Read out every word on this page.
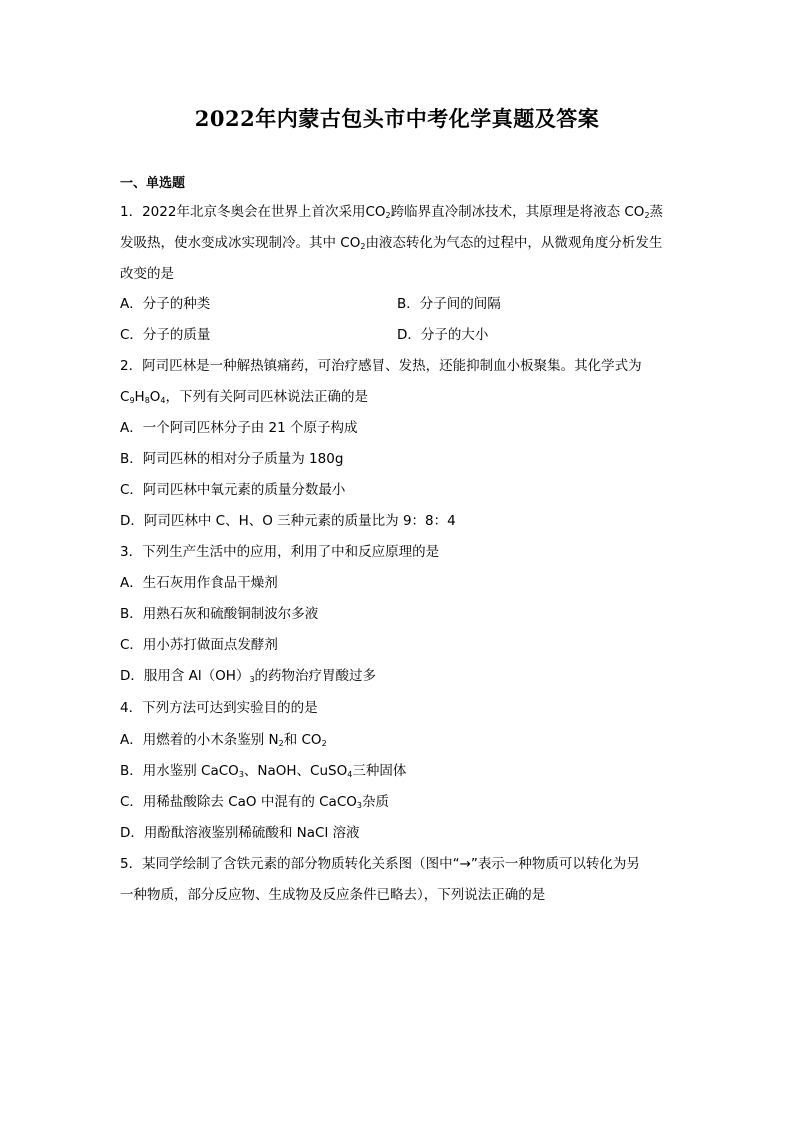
2022年内蒙古包头市中考化学真题及答案
一、单选题
1．2022年北京冬奥会在世界上首次采用$CO_2$跨临界直冷制冰技术，其原理是将液态 $CO_2$蒸
发吸热，使水变成冰实现制冷。其中 $CO_2$由液态转化为气态的过程中，从微观角度分析发生
改变的是
A．分子的种类	B．分子间的间隔
C．分子的质量	D．分子的大小
2．阿司匹林是一种解热镇痛药，可治疗感冒、发热，还能抑制血小板聚集。其化学式为
$C_9H_8O_4$，下列有关阿司匹林说法正确的是
A．一个阿司匹林分子由 21 个原子构成
B．阿司匹林的相对分子质量为 180g
C．阿司匹林中氧元素的质量分数最小
D．阿司匹林中 C、H、O 三种元素的质量比为 9：8：4
3．下列生产生活中的应用，利用了中和反应原理的是
A．生石灰用作食品干燥剂
B．用熟石灰和硫酸铜制波尔多液
C．用小苏打做面点发酵剂
D．服用含 $Al(OH)_3$的药物治疗胃酸过多
4．下列方法可达到实验目的的是
A．用燃着的小木条鉴别 $N_2$和 $CO_2$
B．用水鉴别 CaCO$_3$、NaOH、CuSO$_4$三种固体
C．用稀盐酸除去 CaO 中混有的 CaCO$_3$杂质
D．用酚酞溶液鉴别稀硫酸和 NaCl 溶液
5．某同学绘制了含铁元素的部分物质转化关系图（图中“→”表示一种物质可以转化为另
一种物质，部分反应物、生成物及反应条件已略去），下列说法正确的是
